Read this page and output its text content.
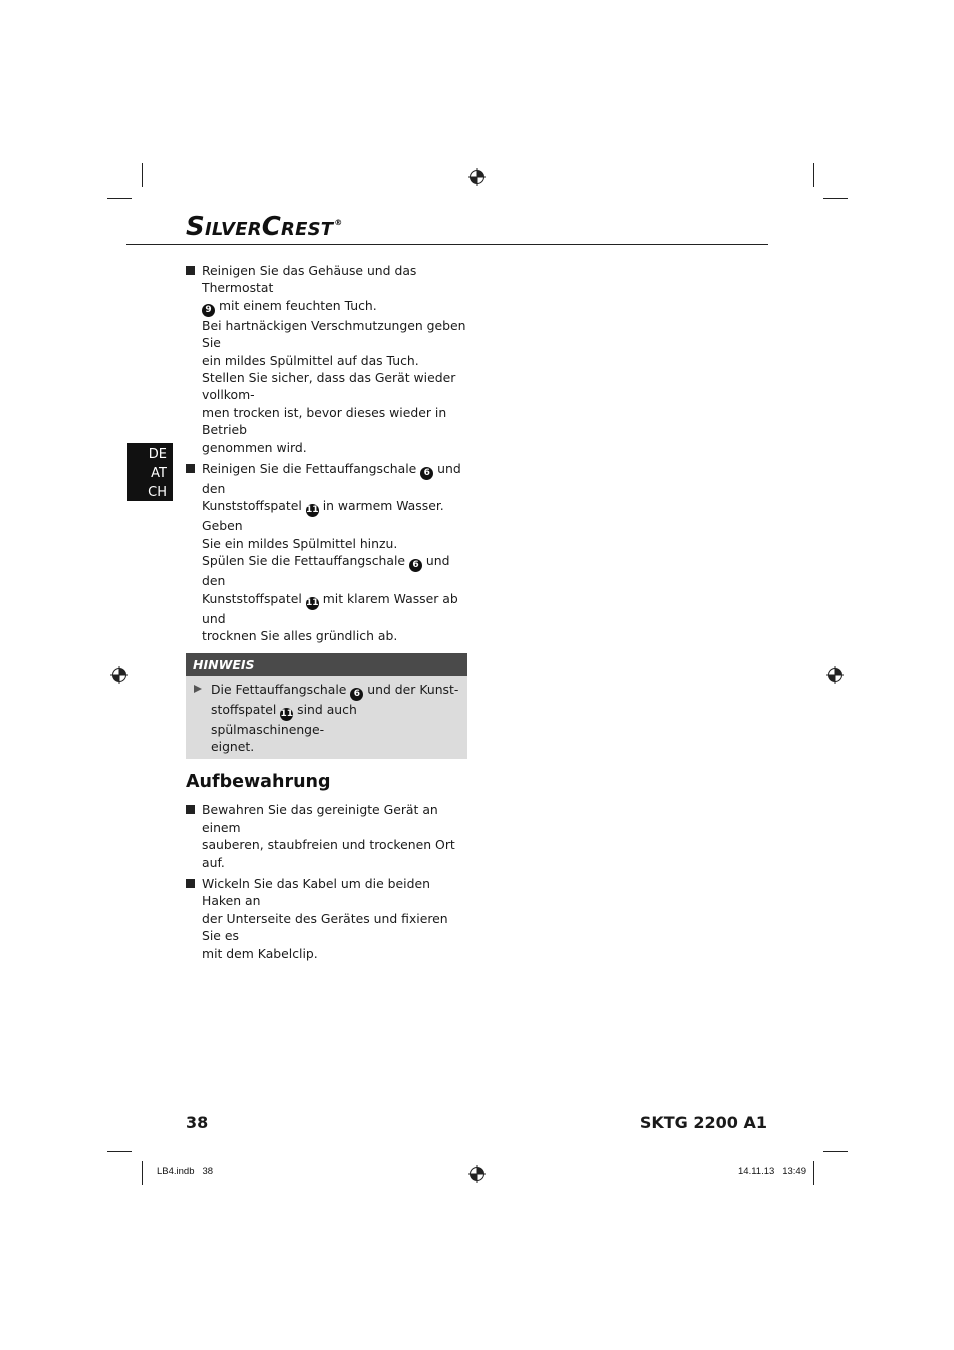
SILVERCREST®
DE
AT
CH
Reinigen Sie das Gehäuse und das Thermostat
9 mit einem feuchten Tuch.
Bei hartnäckigen Verschmutzungen geben Sie
ein mildes Spülmittel auf das Tuch.
Stellen Sie sicher, dass das Gerät wieder vollkom-
men trocken ist, bevor dieses wieder in Betrieb
genommen wird.
Reinigen Sie die Fettauffangschale 6 und den
Kunststoffspatel 11 in warmem Wasser. Geben
Sie ein mildes Spülmittel hinzu.
Spülen Sie die Fettauffangschale 6 und den
Kunststoffspatel 11 mit klarem Wasser ab und
trocknen Sie alles gründlich ab.
HINWEIS
Die Fettauffangschale 6 und der Kunst-
stoffspatel 11 sind auch spülmaschinenge-
eignet.
Aufbewahrung
Bewahren Sie das gereinigte Gerät an einem
sauberen, staubfreien und trockenen Ort auf.
Wickeln Sie das Kabel um die beiden Haken an
der Unterseite des Gerätes und fixieren Sie es
mit dem Kabelclip.
38	SKTG 2200 A1
LB4.indb 38	14.11.13 13:49
